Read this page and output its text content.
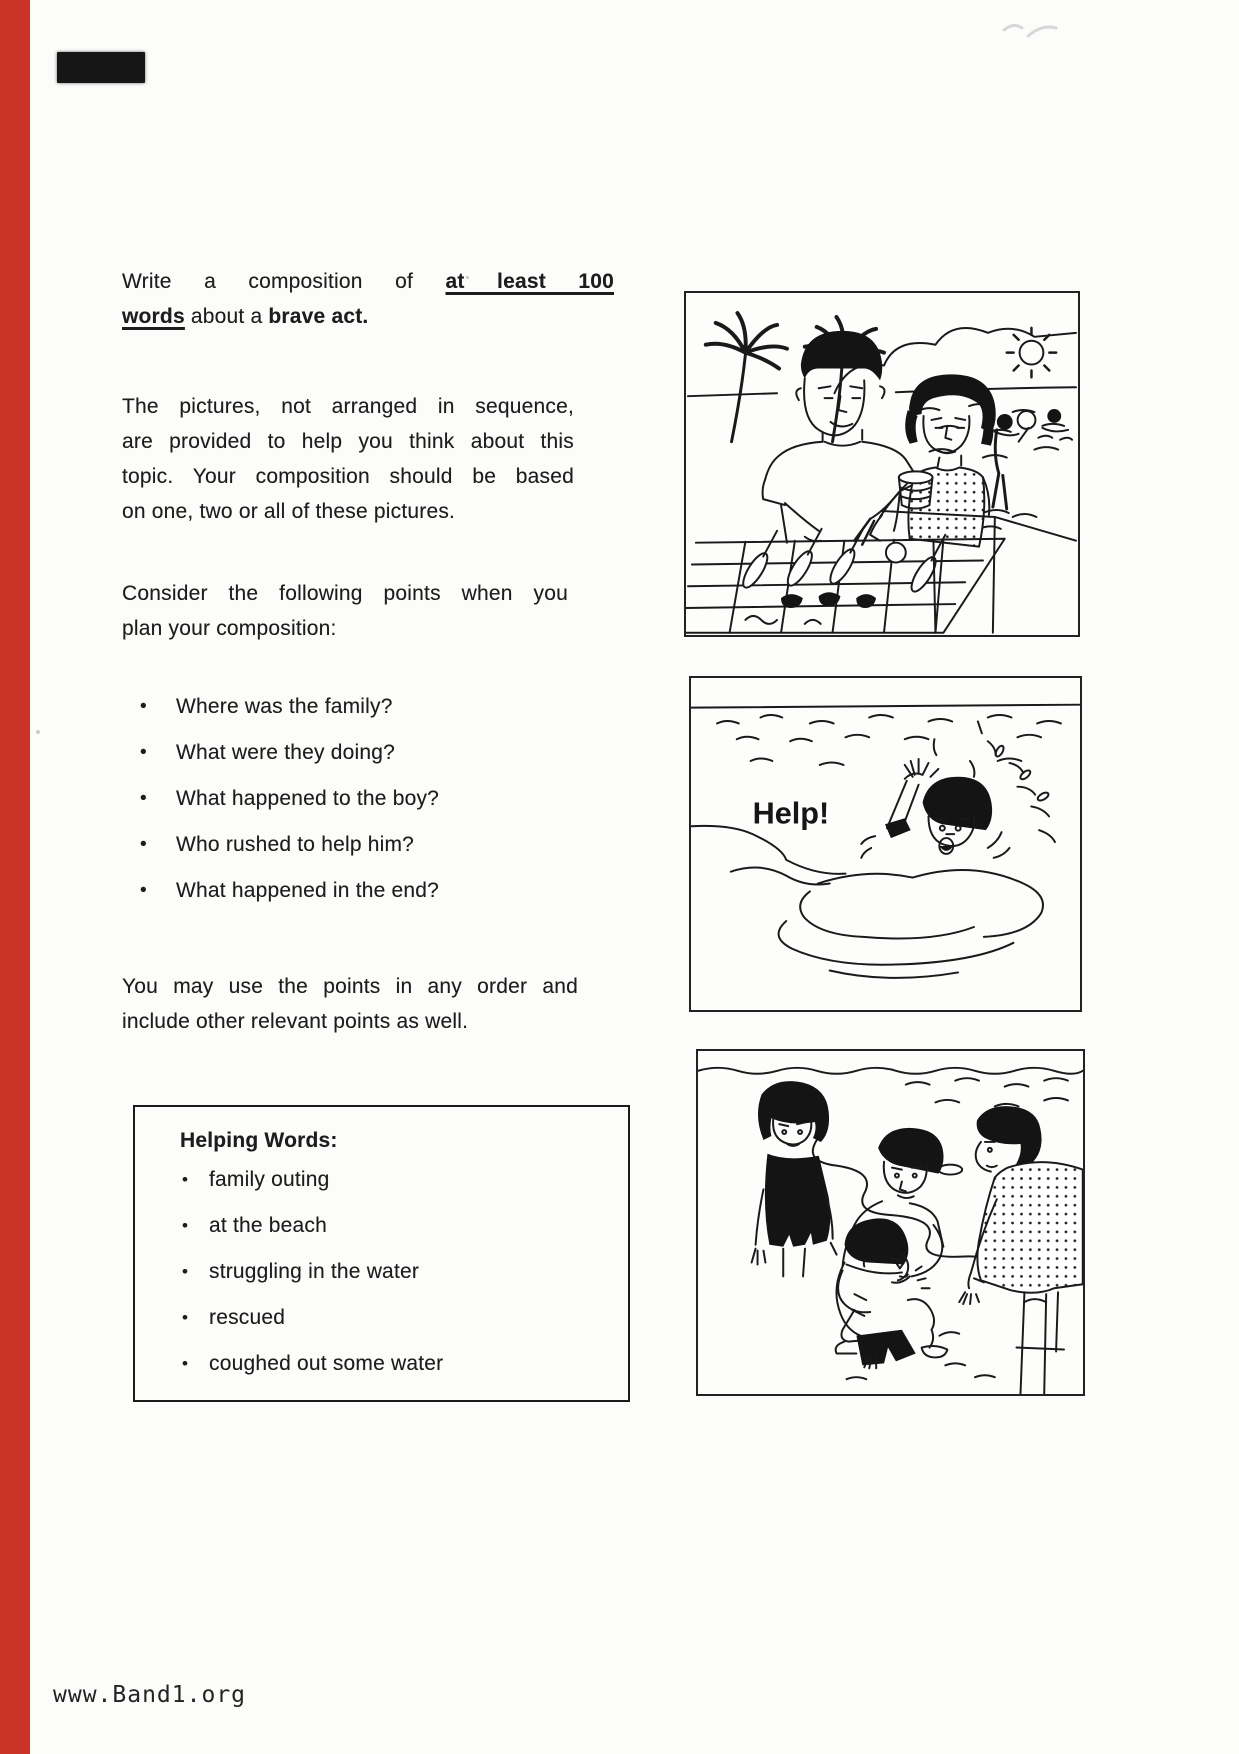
Write a composition of at least 100
words about a brave act.
The pictures, not arranged in sequence,
are provided to help you think about this
topic. Your composition should be based
on one, two or all of these pictures.
Consider the following points when you
plan your composition:
•	Where was the family?
•	What were they doing?
•	What happened to the boy?
•	Who rushed to help him?
•	What happened in the end?
You may use the points in any order and
include other relevant points as well.
Helping Words:
• family outing
• at the beach
• struggling in the water
• rescued
• coughed out some water
Help!
www.Band1.org
